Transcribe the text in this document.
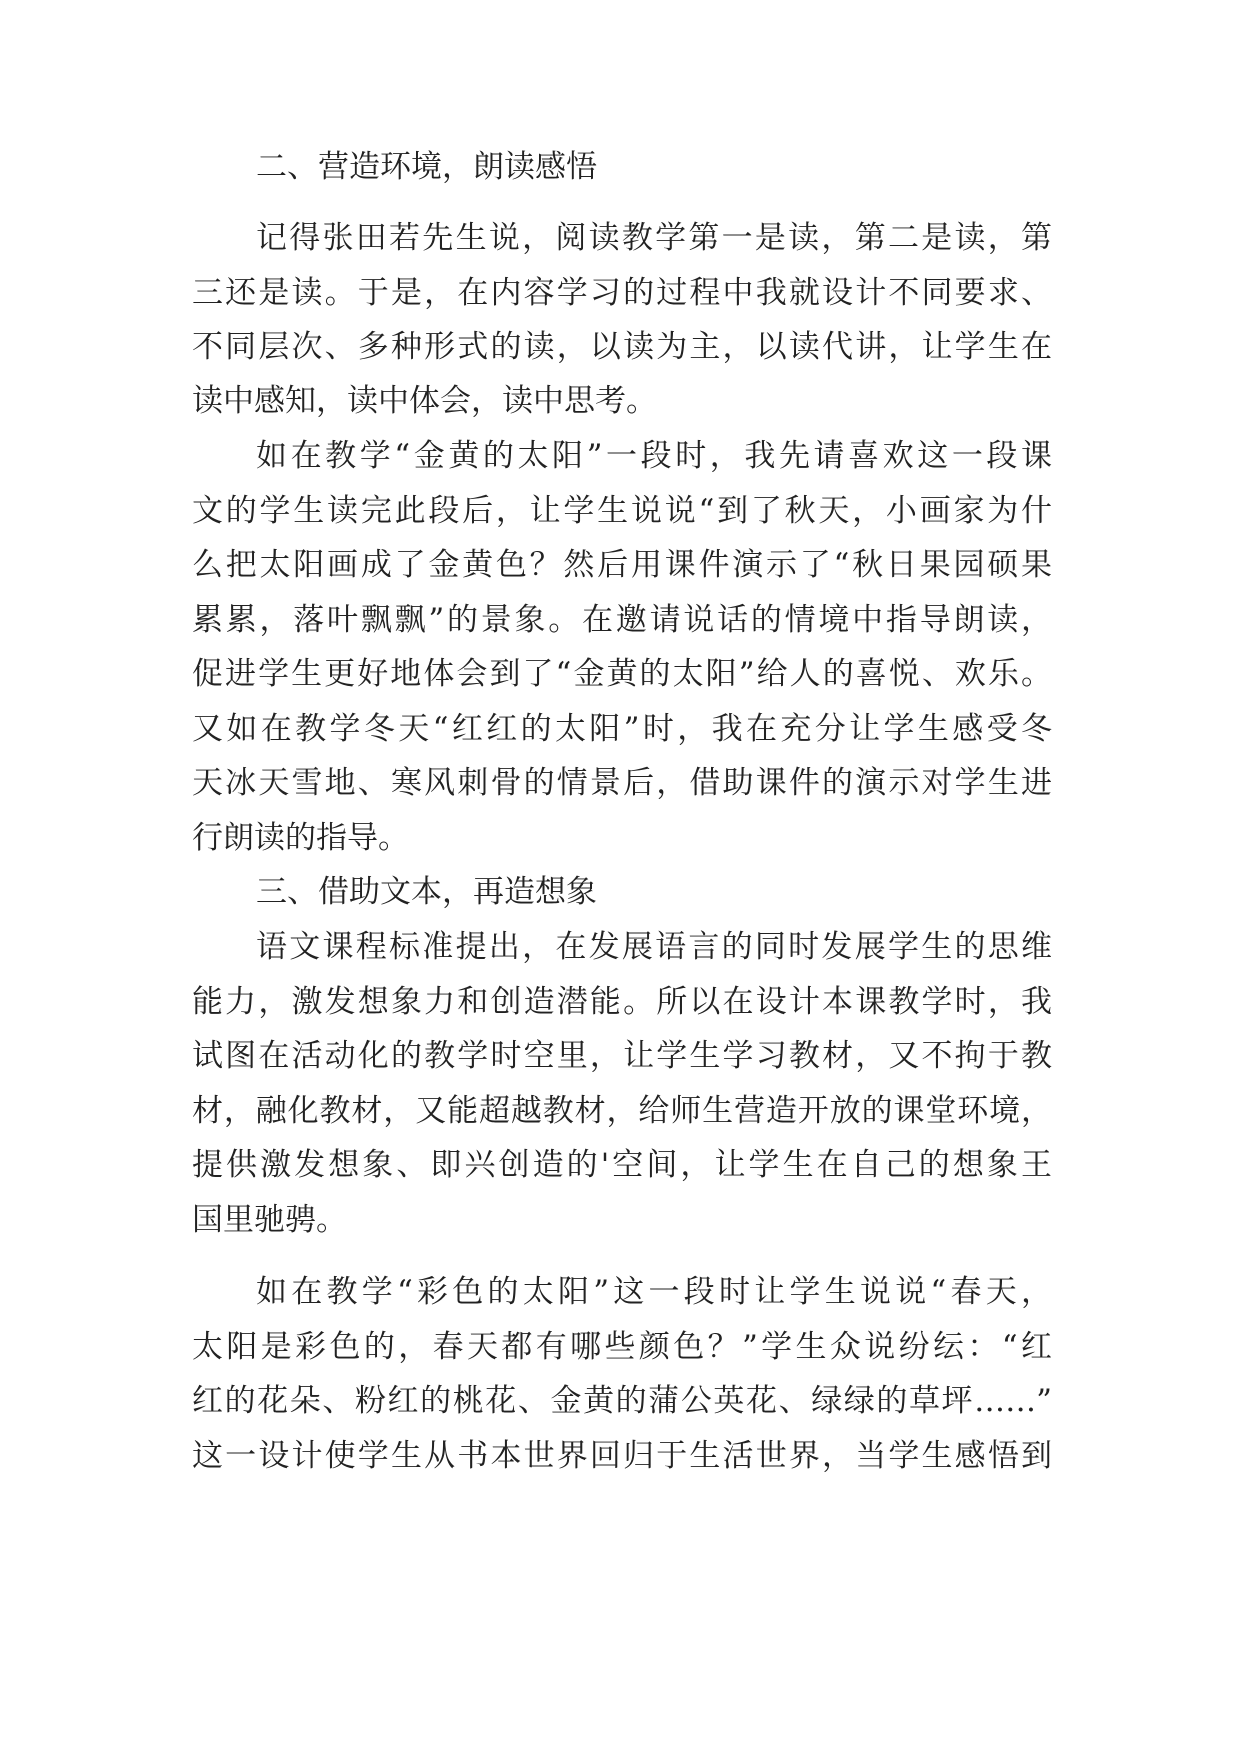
二、营造环境，朗读感悟
记得张田若先生说，阅读教学第一是读，第二是读，第
三还是读。于是，在内容学习的过程中我就设计不同要求、
不同层次、多种形式的读，以读为主，以读代讲，让学生在
读中感知，读中体会，读中思考。
如在教学“金黄的太阳”一段时，我先请喜欢这一段课
文的学生读完此段后，让学生说说“到了秋天，小画家为什
么把太阳画成了金黄色？然后用课件演示了“秋日果园硕果
累累，落叶飘飘”的景象。在邀请说话的情境中指导朗读，
促进学生更好地体会到了“金黄的太阳”给人的喜悦、欢乐。
又如在教学冬天“红红的太阳”时，我在充分让学生感受冬
天冰天雪地、寒风刺骨的情景后，借助课件的演示对学生进
行朗读的指导。
三、借助文本，再造想象
语文课程标准提出，在发展语言的同时发展学生的思维
能力，激发想象力和创造潜能。所以在设计本课教学时，我
试图在活动化的教学时空里，让学生学习教材，又不拘于教
材，融化教材，又能超越教材，给师生营造开放的课堂环境，
提供激发想象、即兴创造的'空间，让学生在自己的想象王
国里驰骋。
如在教学“彩色的太阳”这一段时让学生说说“春天，
太阳是彩色的，春天都有哪些颜色？”学生众说纷纭：“红
红的花朵、粉红的桃花、金黄的蒲公英花、绿绿的草坪……”
这一设计使学生从书本世界回归于生活世界，当学生感悟到
